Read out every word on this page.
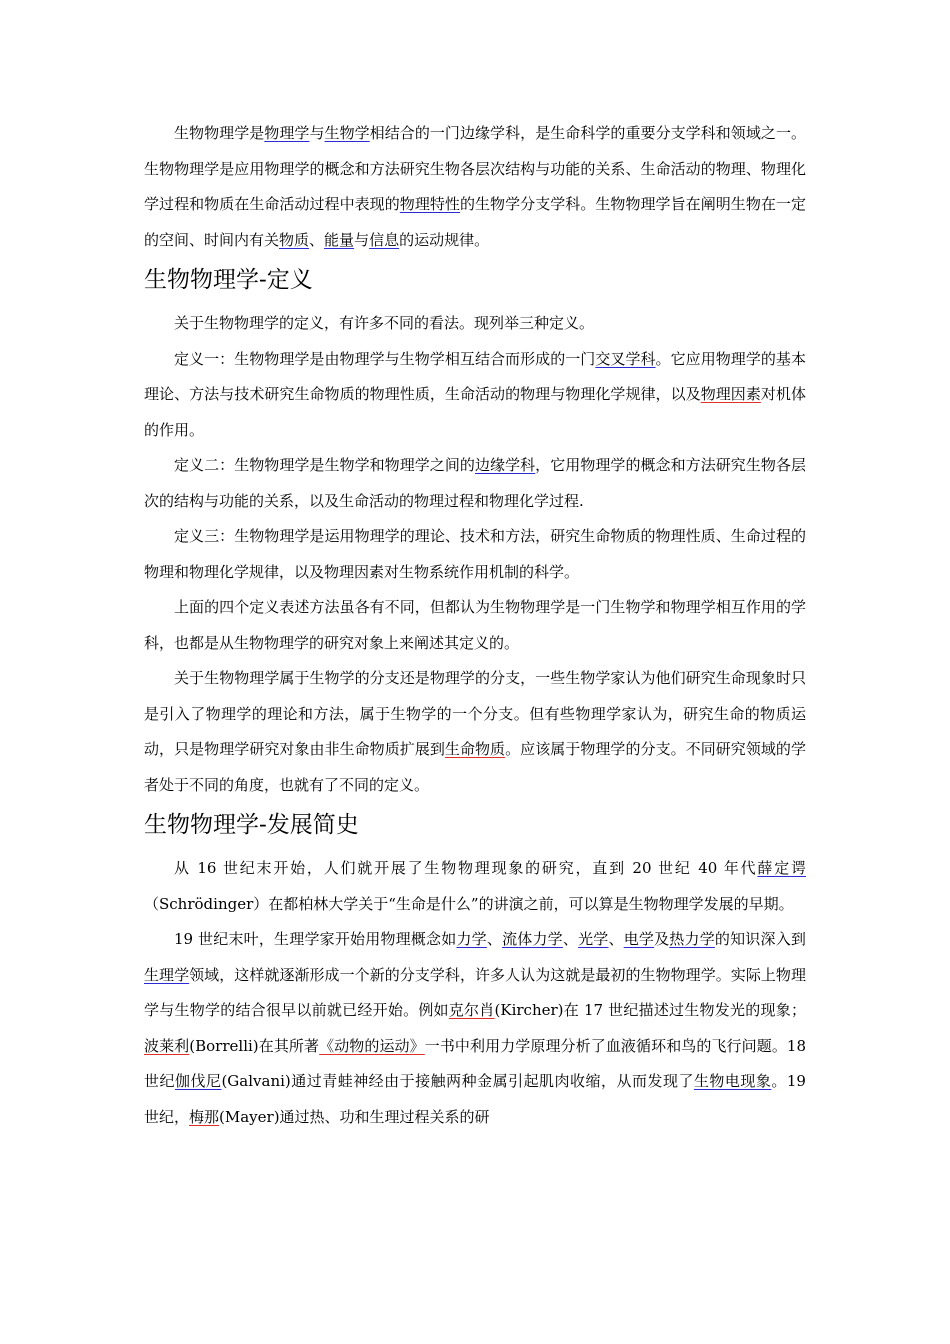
生物物理学是物理学与生物学相结合的一门边缘学科，是生命科学的重要分支学科和领域之一。生物物理学是应用物理学的概念和方法研究生物各层次结构与功能的关系、生命活动的物理、物理化学过程和物质在生命活动过程中表现的物理特性的生物学分支学科。生物物理学旨在阐明生物在一定的空间、时间内有关物质、能量与信息的运动规律。

生物物理学-定义

关于生物物理学的定义，有许多不同的看法。现列举三种定义。

定义一：生物物理学是由物理学与生物学相互结合而形成的一门交叉学科。它应用物理学的基本理论、方法与技术研究生命物质的物理性质，生命活动的物理与物理化学规律，以及物理因素对机体的作用。

定义二：生物物理学是生物学和物理学之间的边缘学科，它用物理学的概念和方法研究生物各层次的结构与功能的关系，以及生命活动的物理过程和物理化学过程.

定义三：生物物理学是运用物理学的理论、技术和方法，研究生命物质的物理性质、生命过程的物理和物理化学规律，以及物理因素对生物系统作用机制的科学。

上面的四个定义表述方法虽各有不同，但都认为生物物理学是一门生物学和物理学相互作用的学科，也都是从生物物理学的研究对象上来阐述其定义的。

关于生物物理学属于生物学的分支还是物理学的分支，一些生物学家认为他们研究生命现象时只是引入了物理学的理论和方法，属于生物学的一个分支。但有些物理学家认为，研究生命的物质运动，只是物理学研究对象由非生命物质扩展到生命物质。应该属于物理学的分支。不同研究领域的学者处于不同的角度，也就有了不同的定义。

生物物理学-发展简史

从 16 世纪末开始，人们就开展了生物物理现象的研究，直到 20 世纪 40 年代薛定谔（Schrödinger）在都柏林大学关于“生命是什么”的讲演之前，可以算是生物物理学发展的早期。

19 世纪末叶，生理学家开始用物理概念如力学、流体力学、光学、电学及热力学的知识深入到生理学领域，这样就逐渐形成一个新的分支学科，许多人认为这就是最初的生物物理学。实际上物理学与生物学的结合很早以前就已经开始。例如克尔肖(Kircher)在 17 世纪描述过生物发光的现象；波莱利(Borrelli)在其所著《动物的运动》一书中利用力学原理分析了血液循环和鸟的飞行问题。18 世纪伽伐尼(Galvani)通过青蛙神经由于接触两种金属引起肌肉收缩，从而发现了生物电现象。19 世纪，梅那(Mayer)通过热、功和生理过程关系的研
